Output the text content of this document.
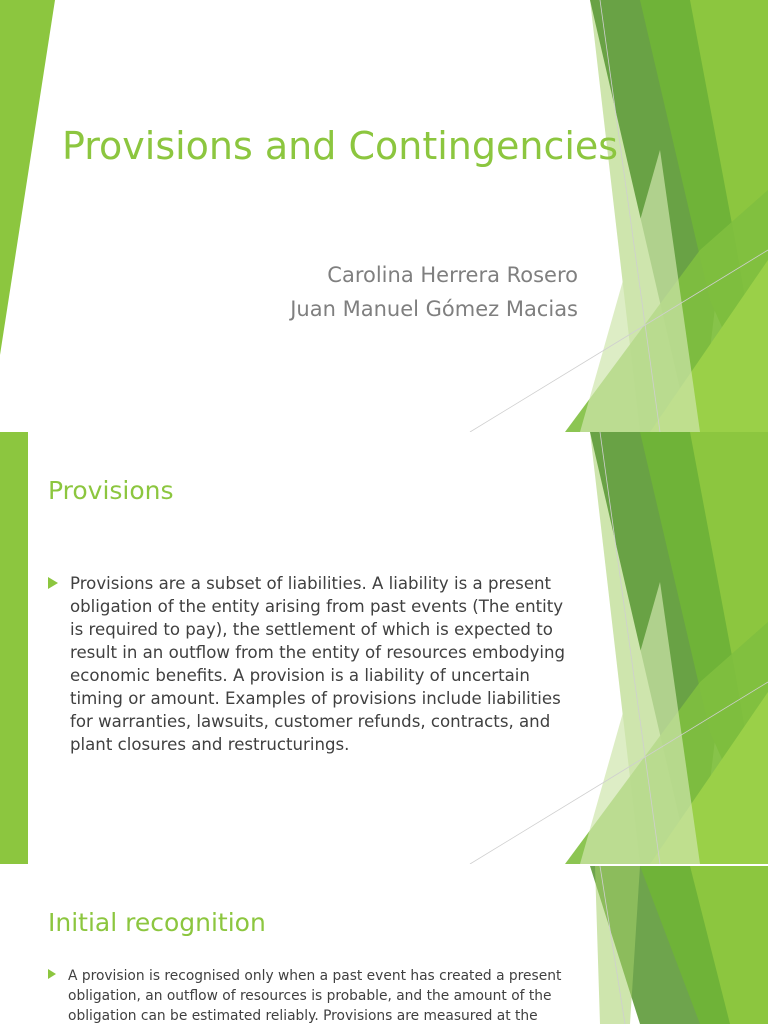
Provisions and Contingencies
Carolina Herrera Rosero
Juan Manuel Gómez Macias
Provisions
Provisions are a subset of liabilities. A liability is a present obligation of the entity arising from past events (The entity is required to pay), the settlement of which is expected to result in an outflow from the entity of resources embodying economic benefits. A provision is a liability of uncertain timing or amount. Examples of provisions include liabilities for warranties, lawsuits, customer refunds, contracts, and plant closures and restructurings.
Initial recognition
A provision is recognised only when a past event has created a present obligation, an outflow of resources is probable, and the amount of the obligation can be estimated reliably. Provisions are measured at the
